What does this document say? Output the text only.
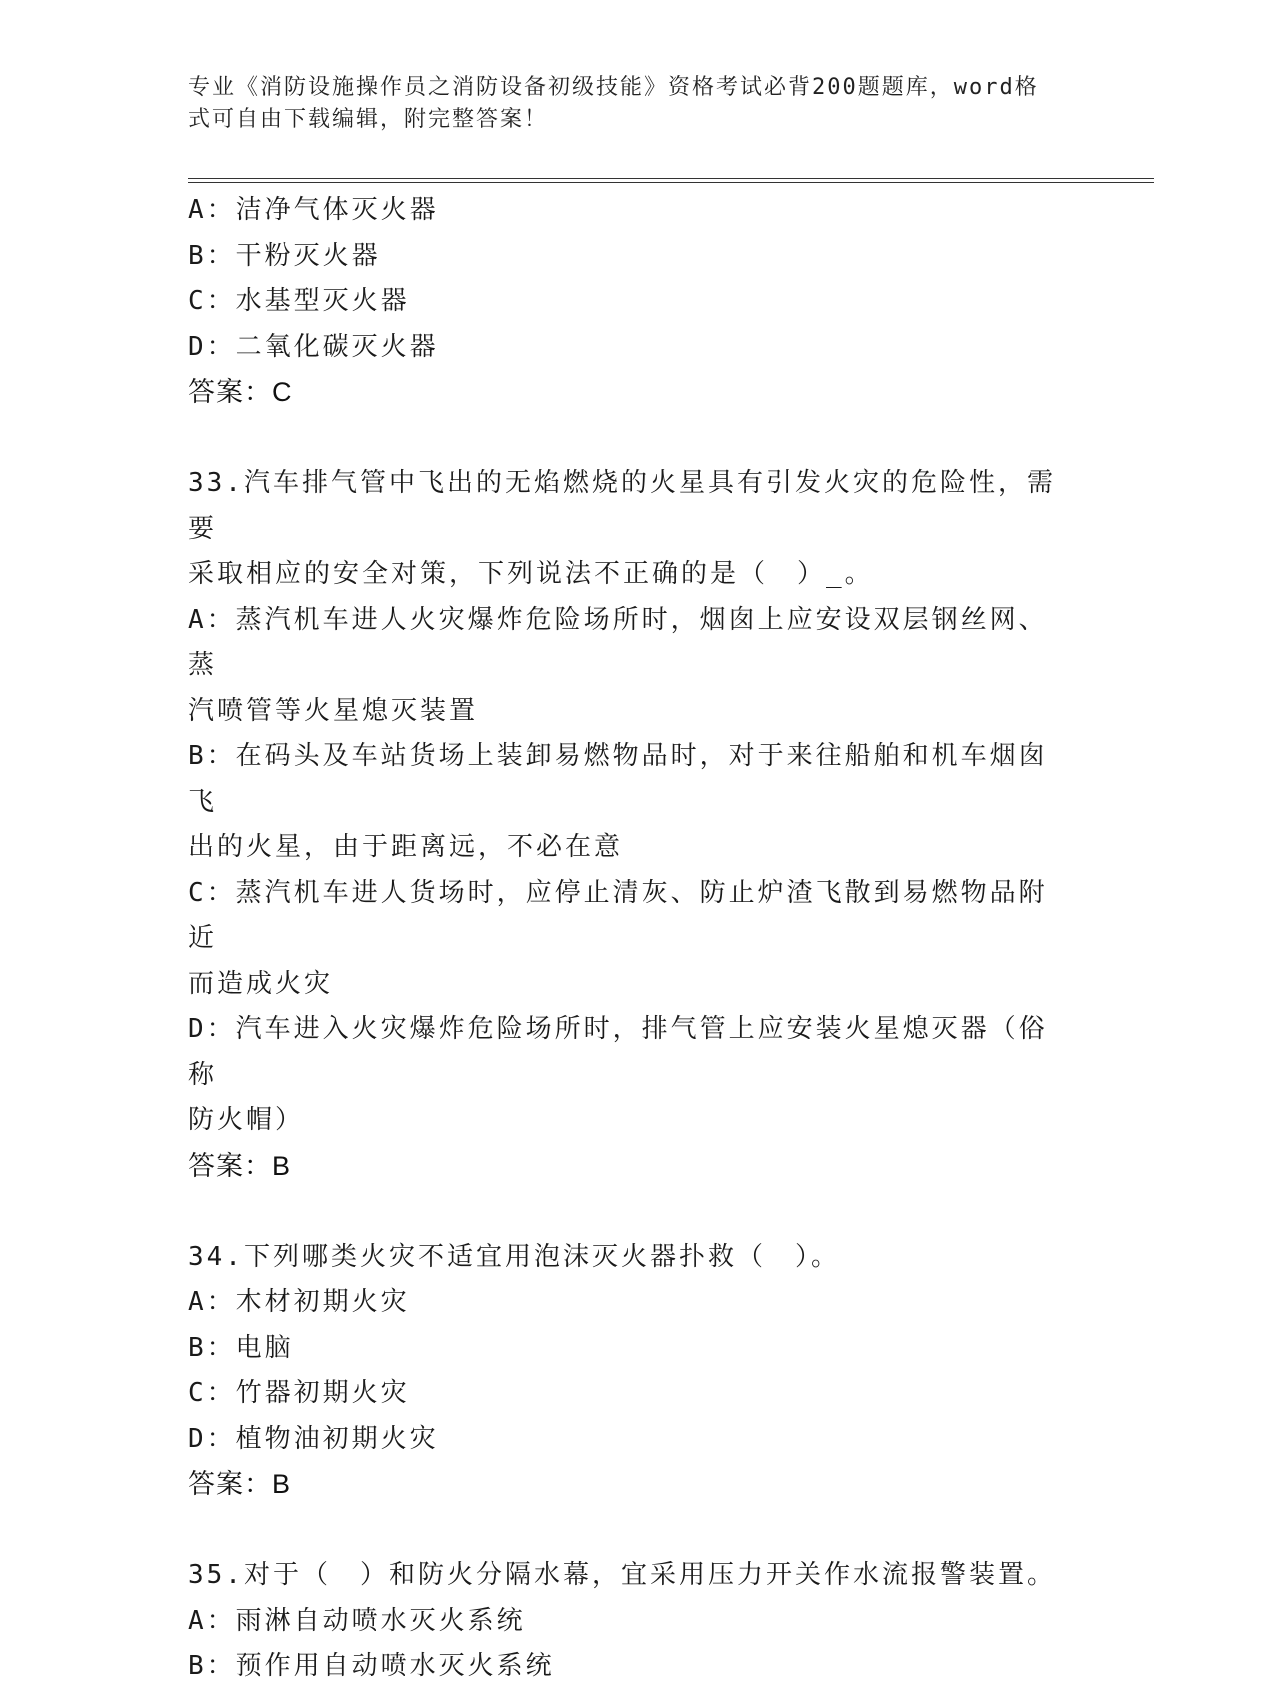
专业《消防设施操作员之消防设备初级技能》资格考试必背200题题库，word格
式可自由下载编辑，附完整答案！

A：洁净气体灭火器

B：干粉灭火器

C：水基型灭火器

D：二氧化碳灭火器

答案：C

33.汽车排气管中飞出的无焰燃烧的火星具有引发火灾的危险性，需要

采取相应的安全对策，下列说法不正确的是（　）_。

A：蒸汽机车进人火灾爆炸危险场所时，烟囱上应安设双层钢丝网、蒸

汽喷管等火星熄灭装置

B：在码头及车站货场上装卸易燃物品时，对于来往船舶和机车烟囱飞

出的火星，由于距离远，不必在意

C：蒸汽机车进人货场时，应停止清灰、防止炉渣飞散到易燃物品附近

而造成火灾

D：汽车进入火灾爆炸危险场所时，排气管上应安装火星熄灭器（俗称

防火帽）

答案：B

34.下列哪类火灾不适宜用泡沫灭火器扑救（　）。

A：木材初期火灾

B：电脑

C：竹器初期火灾

D：植物油初期火灾

答案：B

35.对于（　）和防火分隔水幕，宜采用压力开关作水流报警装置。

A：雨淋自动喷水灭火系统

B：预作用自动喷水灭火系统
